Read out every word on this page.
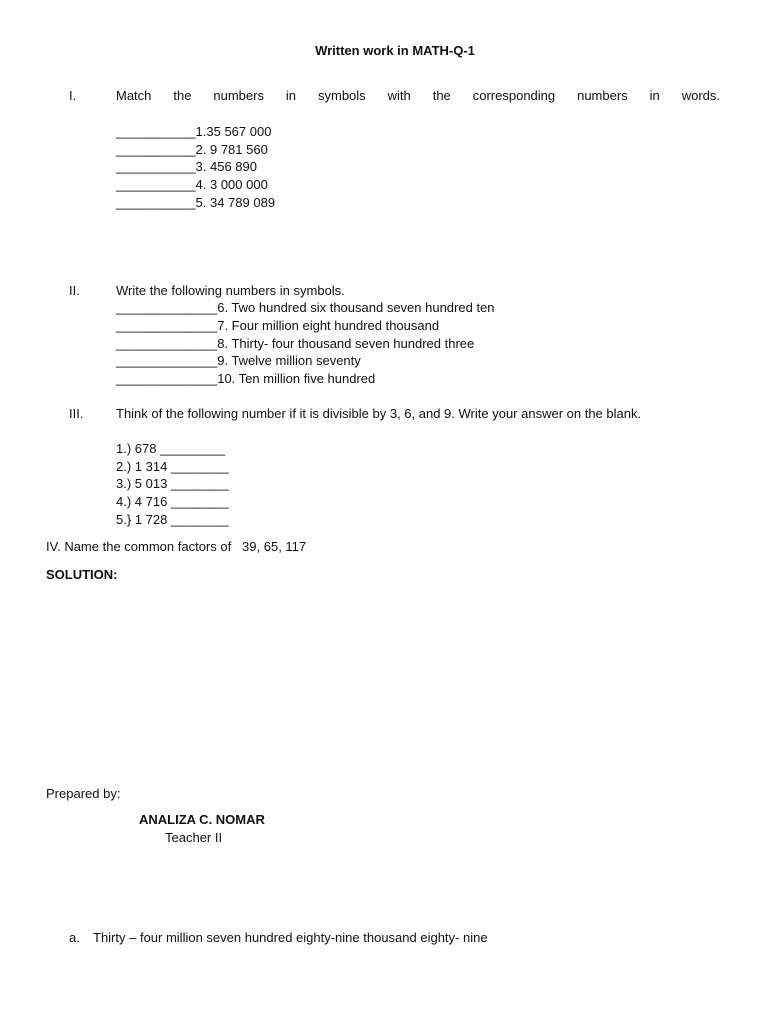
Written work in MATH-Q-1
I.	Match the numbers in symbols with the corresponding numbers in words.
___________1.35 567 000
___________2. 9 781 560
___________3. 456 890
___________4. 3 000 000
___________5. 34 789 089
II.	Write the following numbers in symbols.
______________6. Two hundred six thousand seven hundred ten
______________7. Four million eight hundred thousand
______________8. Thirty- four thousand seven hundred three
______________9. Twelve million seventy
______________10. Ten million five hundred
III.	Think of the following number if it is divisible by 3, 6, and 9. Write your answer on the blank.
1.) 678 _________
2.) 1 314 ________
3.) 5 013 ________
4.) 4 716 ________
5.} 1 728 ________
IV. Name the common factors of   39, 65, 117
SOLUTION:
Prepared by:
ANALIZA C. NOMAR
Teacher II
a. Thirty – four million seven hundred eighty-nine thousand eighty- nine
